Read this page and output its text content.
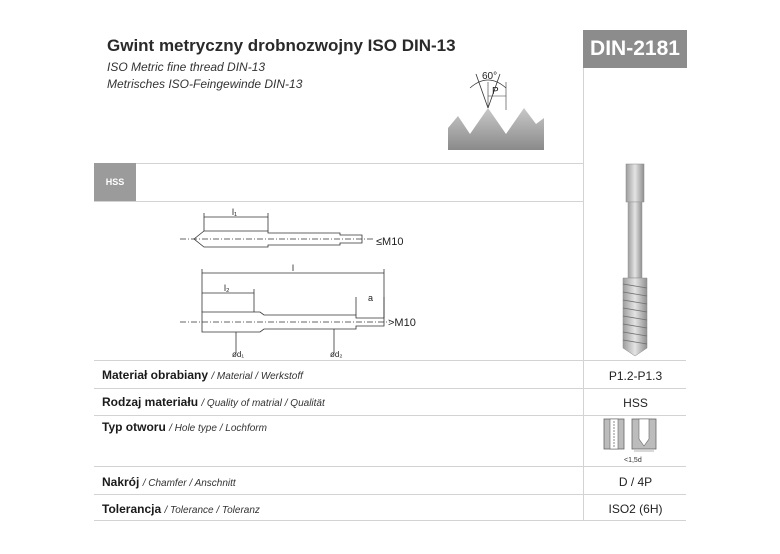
Gwint metryczny drobnozwojny ISO DIN-13
ISO Metric fine thread DIN-13
Metrisches ISO-Feingewinde DIN-13
DIN-2181
60°
P
HSS
l₁
≤M10
l
l₂
a
>M10
ød₁	ød₂
Materiał obrabiany / Material / Werkstoff	P1.2-P1.3
Rodzaj materiału / Quality of matrial / Qualität	HSS
Typ otworu / Hole type / Lochform
<1,5d
Nakrój / Chamfer / Anschnitt	D / 4P
Tolerancja / Tolerance / Toleranz	ISO2 (6H)
